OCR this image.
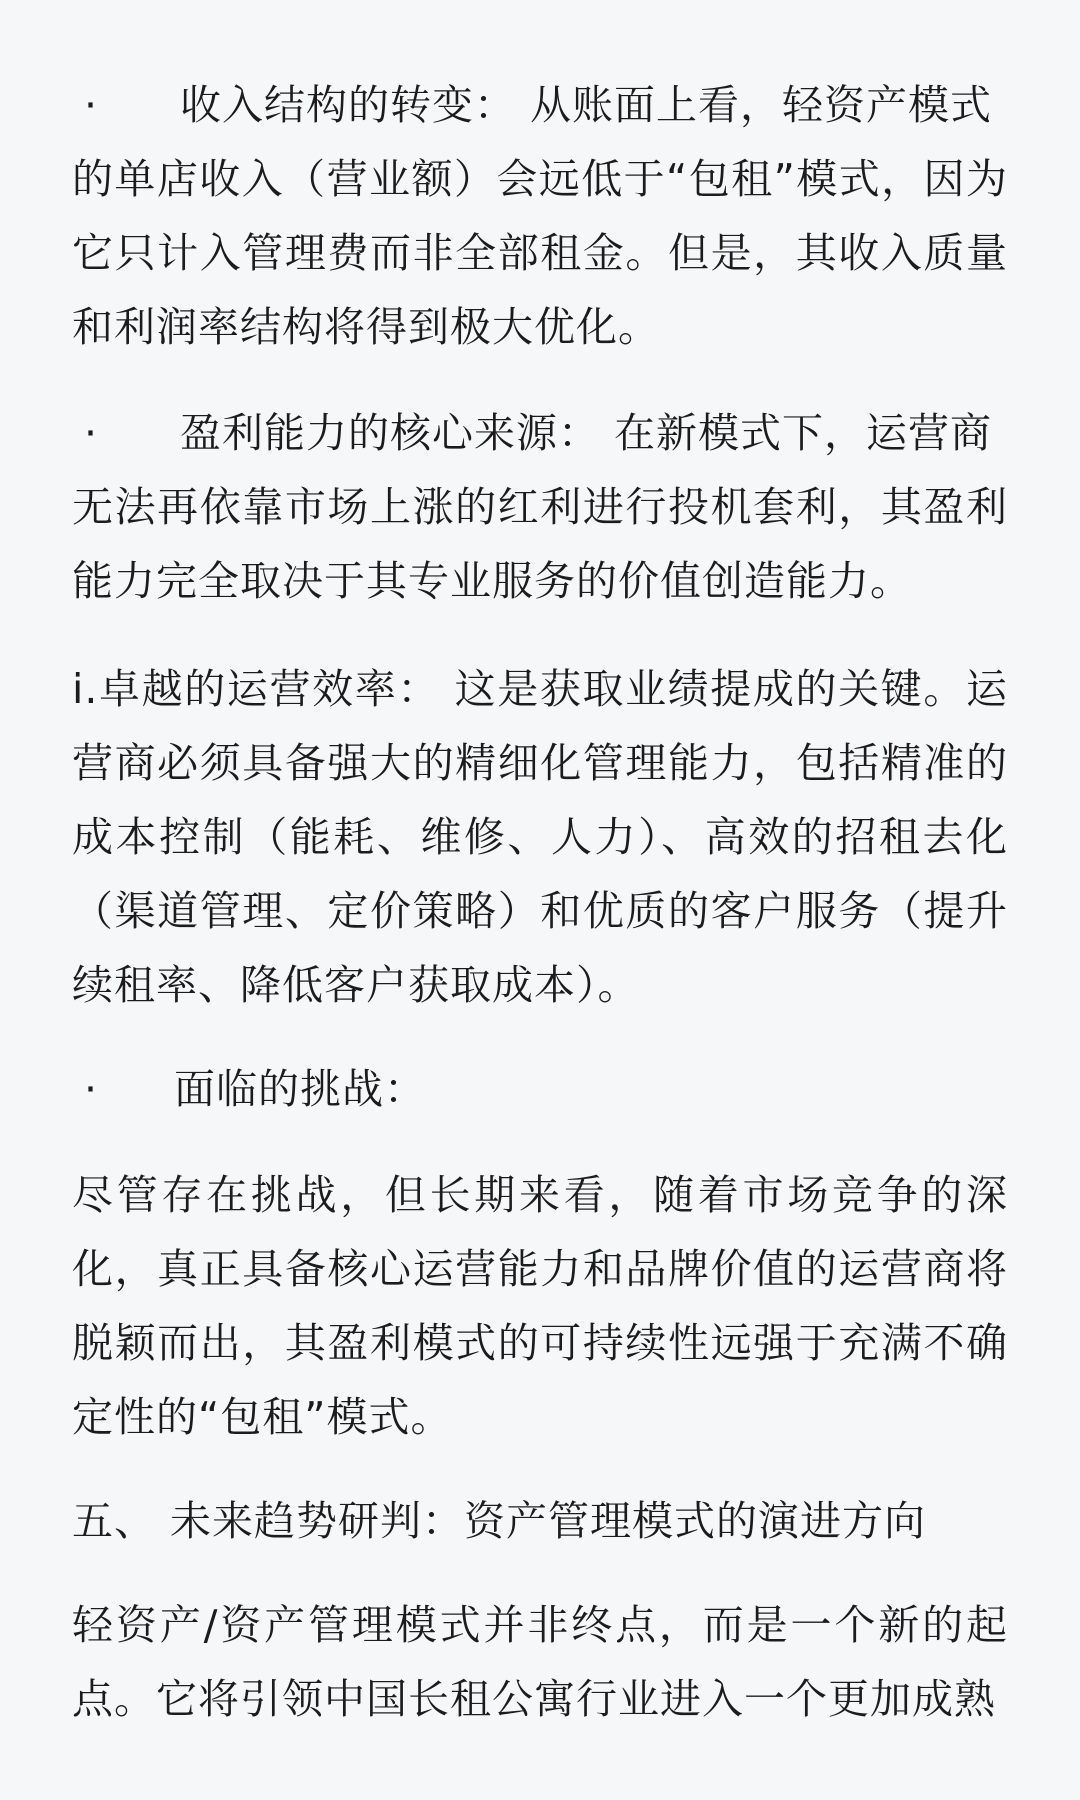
·	收入结构的转变： 从账面上看，轻资产模式

的单店收入（营业额）会远低于“包租”模式，因为它只计入管理费而非全部租金。但是，其收入质量和利润率结构将得到极大优化。

·	盈利能力的核心来源： 在新模式下，运营商

无法再依靠市场上涨的红利进行投机套利，其盈利能力完全取决于其专业服务的价值创造能力。

i.卓越的运营效率： 这是获取业绩提成的关键。运营商必须具备强大的精细化管理能力，包括精准的成本控制（能耗、维修、人力）、高效的招租去化（渠道管理、定价策略）和优质的客户服务（提升续租率、降低客户获取成本）。

·	面临的挑战：

尽管存在挑战，但长期来看，随着市场竞争的深化，真正具备核心运营能力和品牌价值的运营商将脱颖而出，其盈利模式的可持续性远强于充满不确定性的“包租”模式。

五、 未来趋势研判：资产管理模式的演进方向

轻资产/资产管理模式并非终点，而是一个新的起点。它将引领中国长租公寓行业进入一个更加成熟
